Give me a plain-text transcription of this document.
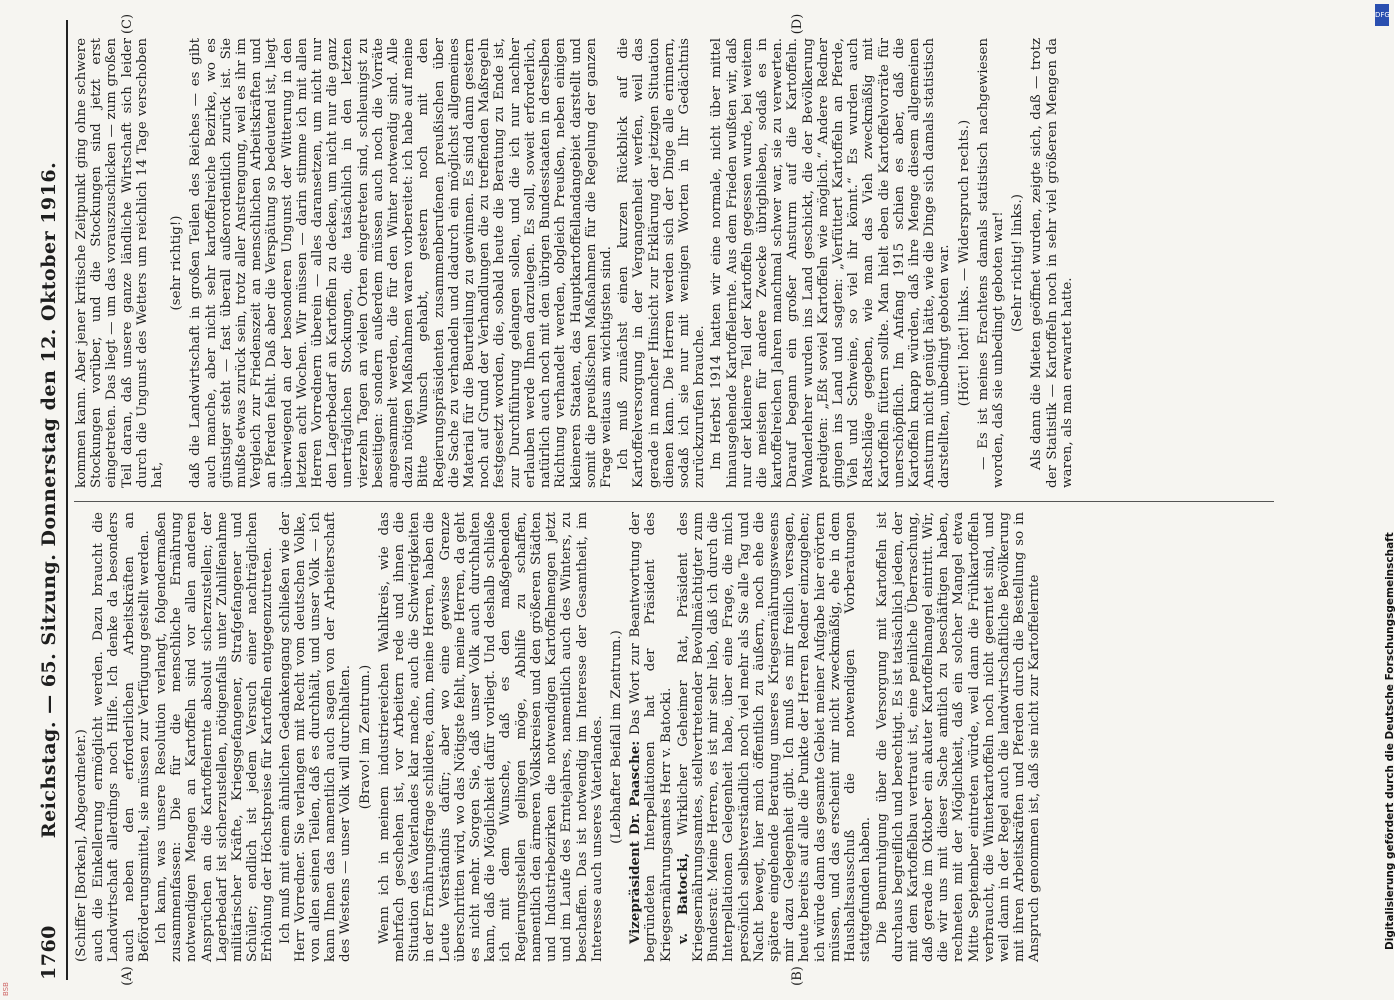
1760
Reichstag. — 65. Sitzung. Donnerstag den 12. Oktober 1916.
(A)	(B)
(C)	(D)

(Schiffer [Borken], Abgeordneter.) auch die Einkellerung ermöglicht werden. Dazu braucht die Landwirtschaft allerdings noch Hilfe. Ich denke da besonders auch neben den erforderlichen Arbeitskräften an Beförderungsmittel, sie müssen zur Verfügung gestellt werden. Ich kann, was unsere Resolution verlangt, folgendermaßen zusammenfassen: Die für die menschliche Ernährung notwendigen Mengen an Kartoffeln sind vor allen anderen Ansprüchen an die Kartoffelernte absolut sicherzustellen; der Lagerbedarf ist sicherzustellen, nötigenfalls unter Zuhilfenahme militärischer Kräfte, Kriegsgefangener, Strafgefangener und Schüler; endlich ist jedem Versuch einer nachträglichen Erhöhung der Höchstpreise für Kartoffeln entgegenzutreten. Ich muß mit einem ähnlichen Gedankengang schließen wie der Herr Vorredner. Sie verlangen mit Recht vom deutschen Volke, von allen seinen Teilen, daß es durchhält, und unser Volk — ich kann Ihnen das namentlich auch sagen von der Arbeiterschaft des Westens — unser Volk will durchhalten. (Bravo! im Zentrum.) Wenn ich in meinem industriereichen Wahlkreis, wie das mehrfach geschehen ist, vor Arbeitern rede und ihnen die Situation des Vaterlandes klar mache, auch die Schwierigkeiten in der Ernährungsfrage schildere, dann, meine Herren, haben die Leute Verständnis dafür; aber wo eine gewisse Grenze überschritten wird, wo das Nötigste fehlt, meine Herren, da geht es nicht mehr. Sorgen Sie, daß unser Volk auch durchhalten kann, daß die Möglichkeit dafür vorliegt. Und deshalb schließe ich mit dem Wunsche, daß es den maßgebenden Regierungsstellen gelingen möge, Abhilfe zu schaffen, namentlich den ärmeren Volkskreisen und den größeren Städten und Industriebezirken die notwendigen Kartoffelmengen jetzt und im Laufe des Erntejahres, namentlich auch des Winters, zu beschaffen. Das ist notwendig im Interesse der Gesamtheit, im Interesse auch unseres Vaterlandes. (Lebhafter Beifall im Zentrum.) Vizepräsident Dr. Paasche: Das Wort zur Beantwortung der begründeten Interpellationen hat der Präsident des Kriegsernährungsamtes Herr v. Batocki. v. Batocki, Wirklicher Geheimer Rat, Präsident des Kriegsernährungsamtes, stellvertretender Bevollmächtigter zum Bundesrat: Meine Herren, es ist mir sehr lieb, daß ich durch die Interpellationen Gelegenheit habe, über eine Frage, die mich persönlich selbstverständlich noch viel mehr als Sie alle Tag und Nacht bewegt, hier mich öffentlich zu äußern, noch ehe die spätere eingehende Beratung unseres Kriegsernährungswesens mir dazu Gelegenheit gibt. Ich muß es mir freilich versagen, heute bereits auf alle die Punkte der Herren Redner einzugehen; ich würde dann das gesamte Gebiet meiner Aufgabe hier erörtern müssen, und das erscheint mir nicht zweckmäßig, ehe in dem Haushaltsausschuß die notwendigen Vorberatungen stattgefunden haben. Die Beunruhigung über die Versorgung mit Kartoffeln ist durchaus begreiflich und berechtigt. Es ist tatsächlich jedem, der mit dem Kartoffelbau vertraut ist, eine peinliche Überraschung, daß gerade im Oktober ein akuter Kartoffelmangel eintritt. Wir, die wir uns mit dieser Sache amtlich zu beschäftigen haben, rechneten mit der Möglichkeit, daß ein solcher Mangel etwa Mitte September eintreten würde, weil dann die Frühkartoffeln verbraucht, die Winterkartoffeln noch nicht geerntet sind, und weil dann in der Regel auch die landwirtschaftliche Bevölkerung mit ihren Arbeitskräften und Pferden durch die Bestellung so in Anspruch genommen ist, daß sie nicht zur Kartoffelernte

kommen kann. Aber jener kritische Zeitpunkt ging ohne schwere Stockungen vorüber, und die Stockungen sind jetzt erst eingetreten. Das liegt — um das vorauszuschicken — zum großen Teil daran, daß unsere ganze ländliche Wirtschaft sich leider durch die Ungunst des Wetters um reichlich 14 Tage verschoben hat,

(sehr richtig!) daß die Landwirtschaft in großen Teilen des Reiches — es gibt auch manche, aber nicht sehr kartoffelreiche Bezirke, wo es günstiger steht — fast überall außerordentlich zurück ist. Sie mußte etwas zurück sein, trotz aller Anstrengung, weil es ihr im Vergleich zur Friedenszeit an menschlichen Arbeitskräften und an Pferden fehlt. Daß aber die Verspätung so bedeutend ist, liegt überwiegend an der besonderen Ungunst der Witterung in den letzten acht Wochen. Wir müssen — darin stimme ich mit allen Herren Vorrednern überein — alles daransetzen, um nicht nur den Lagerbedarf an Kartoffeln zu decken, um nicht nur die ganz unerträglichen Stockungen, die tatsächlich in den letzten vierzehn Tagen an vielen Orten eingetreten sind, schleunigst zu beseitigen: sondern außerdem müssen auch noch die Vorräte angesammelt werden, die für den Winter notwendig sind. Alle dazu nötigen Maßnahmen waren vorbereitet: ich habe auf meine Bitte Wunsch gehabt, gestern noch mit den Regierungspräsidenten zusammenberufenen preußischen über die Sache zu verhandeln und dadurch ein möglichst allgemeines Material für die Beurteilung zu gewinnen. Es sind dann gestern noch auf Grund der Verhandlungen die zu treffenden Maßregeln festgesetzt worden, die, sobald heute die Beratung zu Ende ist, zur Durchführung gelangen sollen, und die ich nur nachher erlauben werde Ihnen darzulegen. Es soll, soweit erforderlich, natürlich auch noch mit den übrigen Bundesstaaten in derselben Richtung verhandelt werden, obgleich Preußen, neben einigen kleineren Staaten, das Hauptkartoffellandangebiet darstellt und somit die preußischen Maßnahmen für die Regelung der ganzen Frage weitaus am wichtigsten sind. Ich muß zunächst einen kurzen Rückblick auf die Kartoffelversorgung in der Vergangenheit werfen, weil das gerade in mancher Hinsicht zur Erklärung der jetzigen Situation dienen kann. Die Herren werden sich der Dinge alle erinnern, sodaß ich sie nur mit wenigen Worten in Ihr Gedächtnis zurückzurufen brauche. Im Herbst 1914 hatten wir eine normale, nicht über mittel hinausgehende Kartoffelernte. Aus dem Frieden wußten wir, daß nur der kleinere Teil der Kartoffeln gegessen wurde, bei weitem die meisten für andere Zwecke übrigblieben, sodaß es in kartoffelreichen Jahren manchmal schwer war, sie zu verwerten. Darauf begann ein großer Ansturm auf die Kartoffeln. Wanderlehrer wurden ins Land geschickt, die der Bevölkerung predigten: „Eßt soviel Kartoffeln wie möglich.“ Andere Redner gingen ins Land und sagten: „Verfüttert Kartoffeln an Pferde, Vieh und Schweine, so viel ihr könnt.“ Es wurden auch Ratschläge gegeben, wie man das Vieh zweckmäßig mit Kartoffeln füttern sollte. Man hielt eben die Kartoffelvorräte für unerschöpflich. Im Anfang 1915 schien es aber, daß die Kartoffeln knapp würden, daß ihre Menge diesem allgemeinen Ansturm nicht genügt hätte, wie die Dinge sich damals statistisch darstellten, unbedingt geboten war. (Hört! hört! links. — Widerspruch rechts.) — Es ist meines Erachtens damals statistisch nachgewiesen worden, daß sie unbedingt geboten war! (Sehr richtig! links.) Als dann die Mieten geöffnet wurden, zeigte sich, daß — trotz der Statistik — Kartoffeln noch in sehr viel größeren Mengen da waren, als man erwartet hatte.

DFG
Digitalisierung gefördert durch die Deutsche Forschungsgemeinschaft
BSB
